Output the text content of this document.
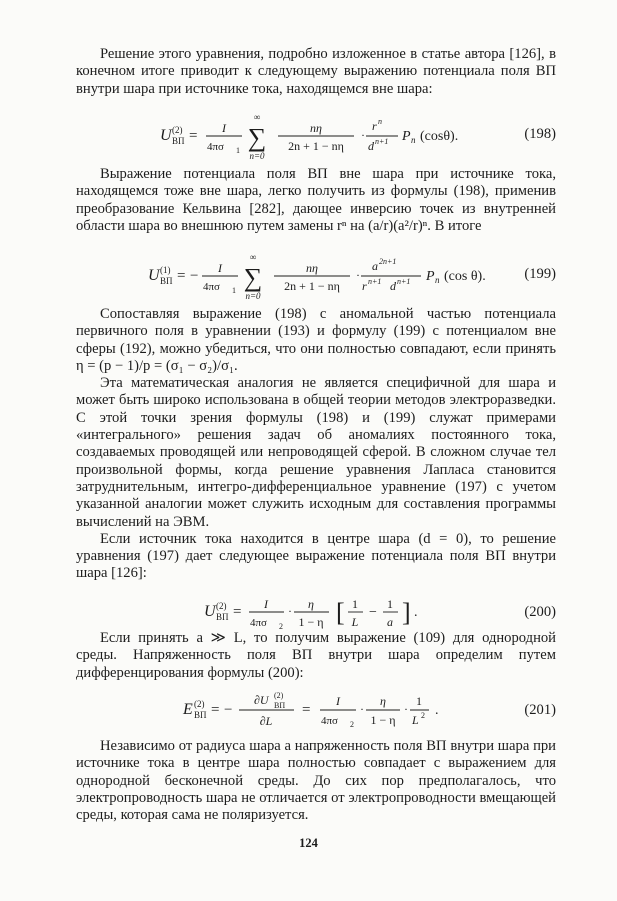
Решение этого уравнения, подробно изложенное в статье автора [126], в конечном итоге приводит к следующему выражению потенциала поля ВП внутри шара при источнике тока, находящемся вне шара:

U (2)
ВП = I
4πσ 1
∞
∑
n=0
nη
2n + 1 − nη
·
r n
d n+1 P n (cosθ).	(198)

Выражение потенциала поля ВП вне шара при источнике тока, находящемся тоже вне шара, легко получить из формулы (198), применив преобразование Кельвина [282], дающее инверсию точек из внутренней области шара во внешнюю путем замены rⁿ на (a/r)(a²/r)ⁿ. В итоге

U (1)
ВП = − I
4πσ 1
∞
∑
n=0
nη
2n + 1 − nη
·
a 2n+1
r n+1 d n+1 P n (cos θ).	(199)

Сопоставляя выражение (198) с аномальной частью потенциала первичного поля в уравнении (193) и формулу (199) с потенциалом вне сферы (192), можно убедиться, что они полностью совпадают, если принять η = (p − 1)/p = (σ₁ − σ₂)/σ₁.

Эта математическая аналогия не является специфичной для шара и может быть широко использована в общей теории методов электроразведки. С этой точки зрения формулы (198) и (199) служат примерами «интегрального» решения задач об аномалиях постоянного тока, создаваемых проводящей или непроводящей сферой. В сложном случае тел произвольной формы, когда решение уравнения Лапласа становится затруднительным, интегро-дифференциальное уравнение (197) с учетом указанной аналогии может служить исходным для составления программы вычислений на ЭВМ.

Если источник тока находится в центре шара (d = 0), то решение уравнения (197) дает следующее выражение потенциала поля ВП внутри шара [126]:

U (2)
ВП = I
4πσ 2
· η
1 − η [ 1
L
−
1
a ] .	(200)

Если принять a ≫ L, то получим выражение (109) для однородной среды. Напряженность поля ВП внутри шара определим путем дифференцирования формулы (200):

E (2)
ВП = −
∂U (2)
ВП
∂L
=
I
4πσ 2
·
η
1 − η
·
1
L 2 .	(201)

Независимо от радиуса шара a напряженность поля ВП внутри шара при источнике тока в центре шара полностью совпадает с выражением для однородной бесконечной среды. До сих пор предполагалось, что электропроводность шара не отличается от электропроводности вмещающей среды, которая сама не поляризуется.

124
